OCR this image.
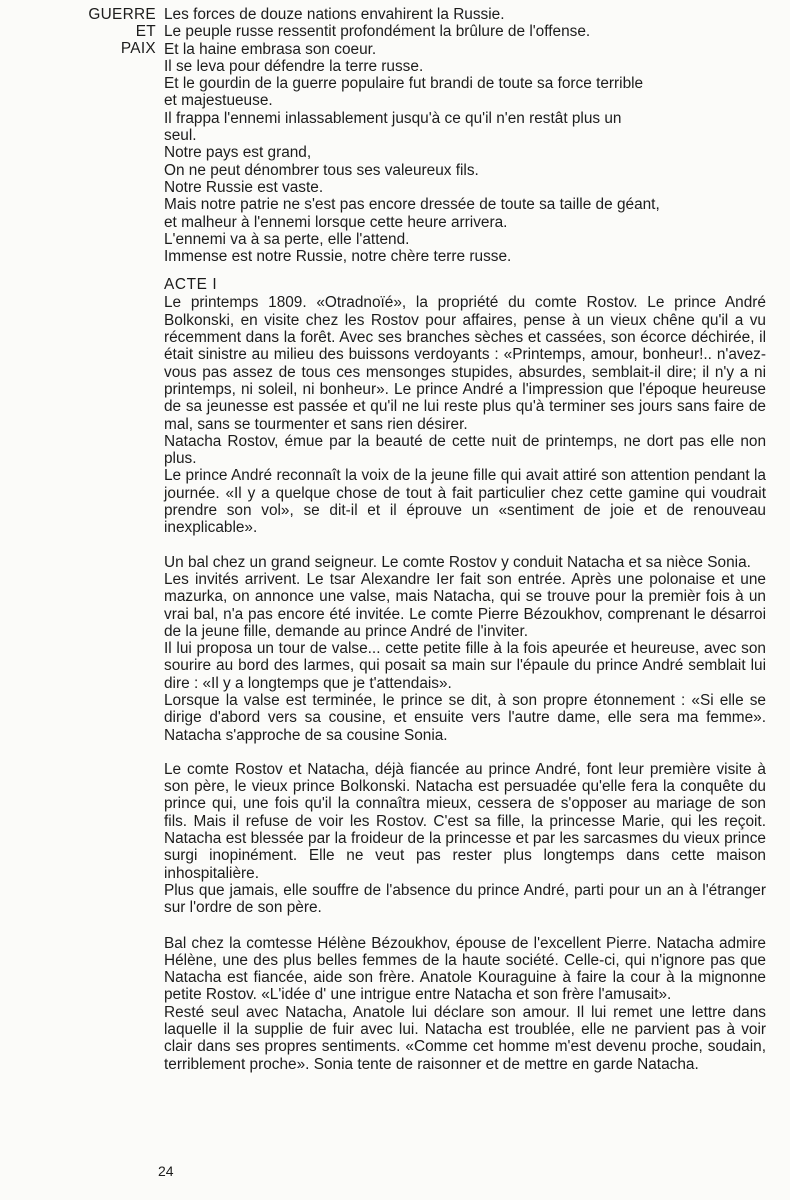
GUERRE
ET
PAIX
Les forces de douze nations envahirent la Russie.
Le peuple russe ressentit profondément la brûlure de l'offense.
Et la haine embrasa son coeur.
Il se leva pour défendre la terre russe.
Et le gourdin de la guerre populaire fut brandi de toute sa force terrible
et majestueuse.
Il frappa l'ennemi inlassablement jusqu'à ce qu'il n'en restât plus un
seul.
Notre pays est grand,
On ne peut dénombrer tous ses valeureux fils.
Notre Russie est vaste.
Mais notre patrie ne s'est pas encore dressée de toute sa taille de géant,
et malheur à l'ennemi lorsque cette heure arrivera.
L'ennemi va à sa perte, elle l'attend.
Immense est notre Russie, notre chère terre russe.
ACTE I

Le printemps 1809. «Otradnoïé», la propriété du comte Rostov. Le prince André Bolkonski, en visite chez les Rostov pour affaires, pense à un vieux chêne qu'il a vu récemment dans la forêt. Avec ses branches sèches et cassées, son écorce déchirée, il était sinistre au milieu des buissons verdoyants : «Printemps, amour, bonheur!.. n'avez-vous pas assez de tous ces mensonges stupides, absurdes, semblait-il dire; il n'y a ni printemps, ni soleil, ni bonheur». Le prince André a l'impression que l'époque heureuse de sa jeunesse est passée et qu'il ne lui reste plus qu'à terminer ses jours sans faire de mal, sans se tourmenter et sans rien désirer.

Natacha Rostov, émue par la beauté de cette nuit de printemps, ne dort pas elle non plus.

Le prince André reconnaît la voix de la jeune fille qui avait attiré son attention pendant la journée. «Il y a quelque chose de tout à fait particulier chez cette gamine qui voudrait prendre son vol», se dit-il et il éprouve un «sentiment de joie et de renouveau inexplicable».

Un bal chez un grand seigneur. Le comte Rostov y conduit Natacha et sa nièce Sonia.

Les invités arrivent. Le tsar Alexandre Ier fait son entrée. Après une polonaise et une mazurka, on annonce une valse, mais Natacha, qui se trouve pour la premièr fois à un vrai bal, n'a pas encore été invitée. Le comte Pierre Bézoukhov, comprenant le désarroi de la jeune fille, demande au prince André de l'inviter.

Il lui proposa un tour de valse... cette petite fille à la fois apeurée et heureuse, avec son sourire au bord des larmes, qui posait sa main sur l'épaule du prince André semblait lui dire : «Il y a longtemps que je t'attendais».

Lorsque la valse est terminée, le prince se dit, à son propre étonnement : «Si elle se dirige d'abord vers sa cousine, et ensuite vers l'autre dame, elle sera ma femme». Natacha s'approche de sa cousine Sonia.

Le comte Rostov et Natacha, déjà fiancée au prince André, font leur première visite à son père, le vieux prince Bolkonski. Natacha est persuadée qu'elle fera la conquête du prince qui, une fois qu'il la connaîtra mieux, cessera de s'opposer au mariage de son fils. Mais il refuse de voir les Rostov. C'est sa fille, la princesse Marie, qui les reçoit. Natacha est blessée par la froideur de la princesse et par les sarcasmes du vieux prince surgi inopinément. Elle ne veut pas rester plus longtemps dans cette maison inhospitalière.

Plus que jamais, elle souffre de l'absence du prince André, parti pour un an à l'étranger sur l'ordre de son père.

Bal chez la comtesse Hélène Bézoukhov, épouse de l'excellent Pierre. Natacha admire Hélène, une des plus belles femmes de la haute société. Celle-ci, qui n'ignore pas que Natacha est fiancée, aide son frère. Anatole Kouraguine à faire la cour à la mignonne petite Rostov. «L'idée d' une intrigue entre Natacha et son frère l'amusait».

Resté seul avec Natacha, Anatole lui déclare son amour. Il lui remet une lettre dans laquelle il la supplie de fuir avec lui. Natacha est troublée, elle ne parvient pas à voir clair dans ses propres sentiments. «Comme cet homme m'est devenu proche, soudain, terriblement proche». Sonia tente de raisonner et de mettre en garde Natacha.

24
